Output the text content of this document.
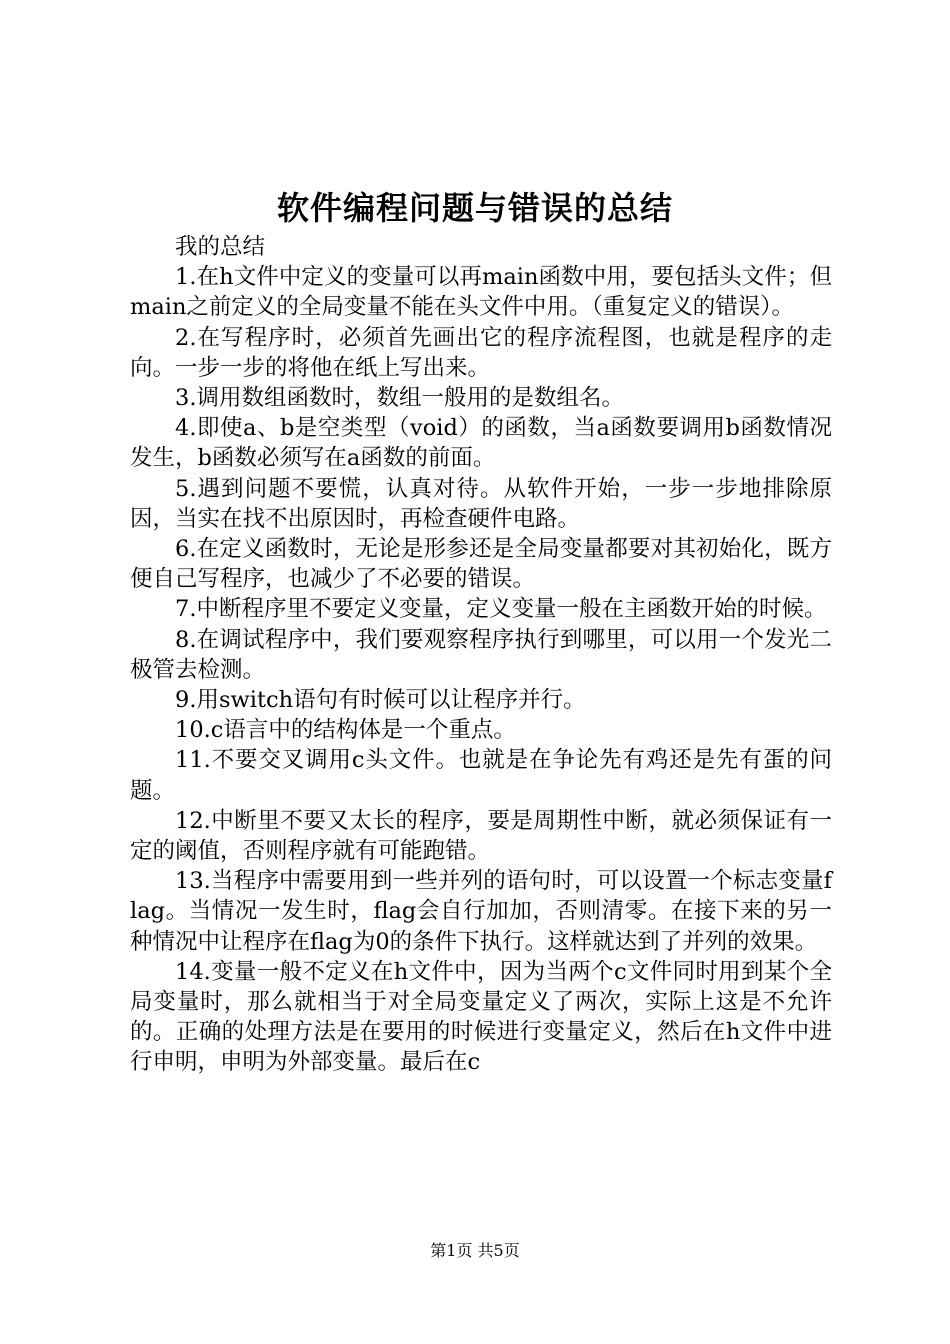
软件编程问题与错误的总结

我的总结

1.在h文件中定义的变量可以再main函数中用，要包括头文件；但main之前定义的全局变量不能在头文件中用。（重复定义的错误）。

2.在写程序时，必须首先画出它的程序流程图，也就是程序的走向。一步一步的将他在纸上写出来。

3.调用数组函数时，数组一般用的是数组名。

4.即使a、b是空类型（void）的函数，当a函数要调用b函数情况发生，b函数必须写在a函数的前面。

5.遇到问题不要慌，认真对待。从软件开始，一步一步地排除原因，当实在找不出原因时，再检查硬件电路。

6.在定义函数时，无论是形参还是全局变量都要对其初始化，既方便自己写程序，也减少了不必要的错误。

7.中断程序里不要定义变量，定义变量一般在主函数开始的时候。

8.在调试程序中，我们要观察程序执行到哪里，可以用一个发光二极管去检测。

9.用switch语句有时候可以让程序并行。

10.c语言中的结构体是一个重点。

11.不要交叉调用c头文件。也就是在争论先有鸡还是先有蛋的问题。

12.中断里不要又太长的程序，要是周期性中断，就必须保证有一定的阈值，否则程序就有可能跑错。

13.当程序中需要用到一些并列的语句时，可以设置一个标志变量flag。当情况一发生时，flag会自行加加，否则清零。在接下来的另一种情况中让程序在flag为0的条件下执行。这样就达到了并列的效果。

14.变量一般不定义在h文件中，因为当两个c文件同时用到某个全局变量时，那么就相当于对全局变量定义了两次，实际上这是不允许的。正确的处理方法是在要用的时候进行变量定义，然后在h文件中进行申明，申明为外部变量。最后在c

第1页 共5页
